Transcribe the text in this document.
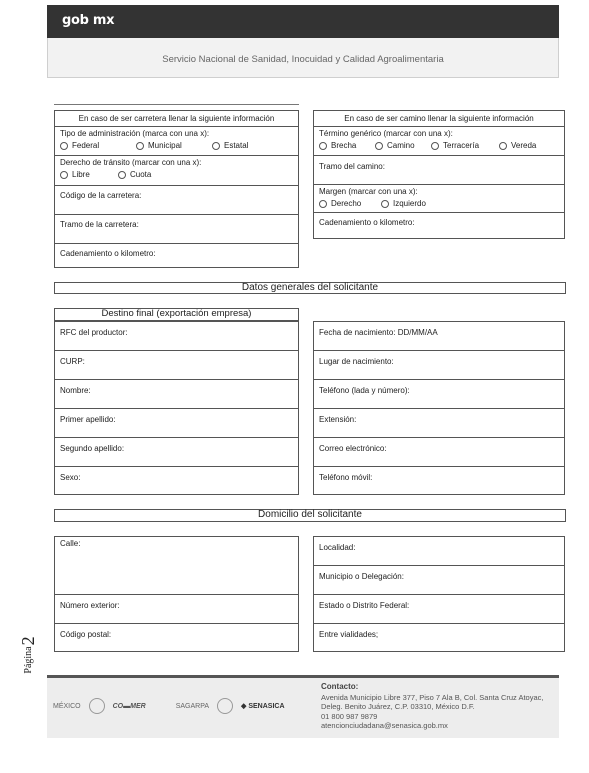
gob mx
Servicio Nacional de Sanidad, Inocuidad y Calidad Agroalimentaria
En caso de ser carretera llenar la siguiente información
Tipo de administración (marca con una x):
Federal	Municipal	Estatal
Derecho de tránsito (marcar con una x):
Libre	Cuota
Código de la carretera:
Tramo de la carretera:
Cadenamiento o kilometro:
En caso de ser camino llenar la siguiente información
Término genérico (marcar con una x):
Brecha	Camino	Terracería	Vereda
Tramo del camino:
Margen (marcar con una x):
Derecho	Izquierdo
Cadenamiento o kilometro:
Datos generales del solicitante
Destino final (exportación empresa)
RFC del productor:
CURP:
Nombre:
Primer apellido:
Segundo apellido:
Sexo:
Fecha de nacimiento: DD/MM/AA
Lugar de nacimiento:
Teléfono (lada y número):
Extensión:
Correo electrónico:
Teléfono móvil:
Domicilio del solicitante
Calle:
Número exterior:
Código postal:
Localidad:
Municipio o Delegación:
Estado o Distrito Federal:
Entre vialidades;
Página
2
MÉXICO	CO▬MER	SAGARPA	◆ SENASICA
Contacto:
Avenida Municipio Libre 377, Piso 7 Ala B, Col. Santa Cruz Atoyac,
Deleg. Benito Juárez, C.P. 03310, México D.F.
01 800 987 9879
atencionciudadana@senasica.gob.mx
